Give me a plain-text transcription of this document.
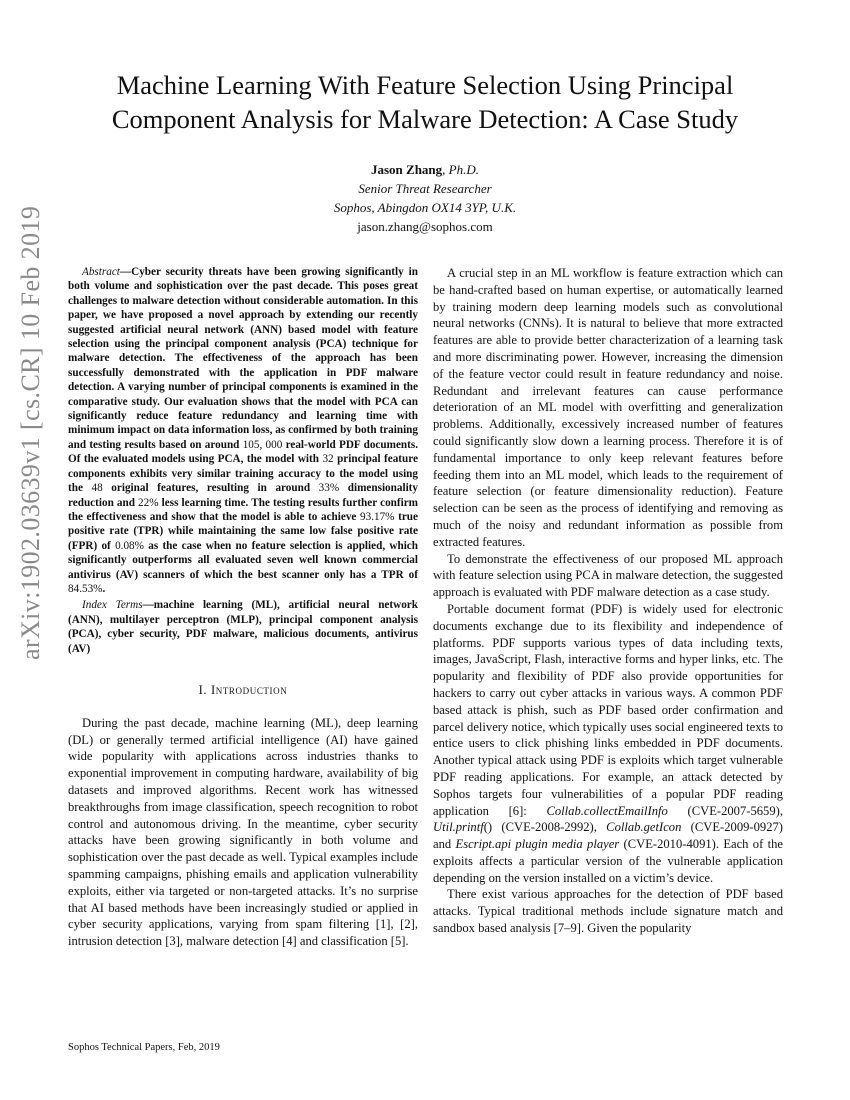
Machine Learning With Feature Selection Using Principal Component Analysis for Malware Detection: A Case Study
Jason Zhang, Ph.D.
Senior Threat Researcher
Sophos, Abingdon OX14 3YP, U.K.
jason.zhang@sophos.com
arXiv:1902.03639v1 [cs.CR] 10 Feb 2019	Abstract—Cyber security threats have been growing significantly in both volume and sophistication over the past decade. This poses great challenges to malware detection without considerable automation. In this paper, we have proposed a novel approach by extending our recently suggested artificial neural network (ANN) based model with feature selection using the principal component analysis (PCA) technique for malware detection. The effectiveness of the approach has been successfully demonstrated with the application in PDF malware detection. A varying number of principal components is examined in the comparative study. Our evaluation shows that the model with PCA can significantly reduce feature redundancy and learning time with minimum impact on data information loss, as confirmed by both training and testing results based on around 105, 000 real-world PDF documents. Of the evaluated models using PCA, the model with 32 principal feature components exhibits very similar training accuracy to the model using the 48 original features, resulting in around 33% dimensionality reduction and 22% less learning time. The testing results further confirm the effectiveness and show that the model is able to achieve 93.17% true positive rate (TPR) while maintaining the same low false positive rate (FPR) of 0.08% as the case when no feature selection is applied, which significantly outperforms all evaluated seven well known commercial antivirus (AV) scanners of which the best scanner only has a TPR of 84.53%.

Index Terms—machine learning (ML), artificial neural network (ANN), multilayer perceptron (MLP), principal component analysis (PCA), cyber security, PDF malware, malicious documents, antivirus (AV)

I. Introduction

During the past decade, machine learning (ML), deep learning (DL) or generally termed artificial intelligence (AI) have gained wide popularity with applications across industries thanks to exponential improvement in computing hardware, availability of big datasets and improved algorithms. Recent work has witnessed breakthroughs from image classification, speech recognition to robot control and autonomous driving. In the meantime, cyber security attacks have been growing significantly in both volume and sophistication over the past decade as well. Typical examples include spamming campaigns, phishing emails and application vulnerability exploits, either via targeted or non-targeted attacks. It’s no surprise that AI based methods have been increasingly studied or applied in cyber security applications, varying from spam filtering [1], [2], intrusion detection [3], malware detection [4] and classification [5].

A crucial step in an ML workflow is feature extraction which can be hand-crafted based on human expertise, or automatically learned by training modern deep learning models such as convolutional neural networks (CNNs). It is natural to believe that more extracted features are able to provide better characterization of a learning task and more discriminating power. However, increasing the dimension of the feature vector could result in feature redundancy and noise. Redundant and irrelevant features can cause performance deterioration of an ML model with overfitting and generalization problems. Additionally, excessively increased number of features could significantly slow down a learning process. Therefore it is of fundamental importance to only keep relevant features before feeding them into an ML model, which leads to the requirement of feature selection (or feature dimensionality reduction). Feature selection can be seen as the process of identifying and removing as much of the noisy and redundant information as possible from extracted features.

To demonstrate the effectiveness of our proposed ML approach with feature selection using PCA in malware detection, the suggested approach is evaluated with PDF malware detection as a case study.

Portable document format (PDF) is widely used for electronic documents exchange due to its flexibility and independence of platforms. PDF supports various types of data including texts, images, JavaScript, Flash, interactive forms and hyper links, etc. The popularity and flexibility of PDF also provide opportunities for hackers to carry out cyber attacks in various ways. A common PDF based attack is phish, such as PDF based order confirmation and parcel delivery notice, which typically uses social engineered texts to entice users to click phishing links embedded in PDF documents. Another typical attack using PDF is exploits which target vulnerable PDF reading applications. For example, an attack detected by Sophos targets four vulnerabilities of a popular PDF reading application [6]: Collab.collectEmailInfo (CVE-2007-5659), Util.printf() (CVE-2008-2992), Collab.getIcon (CVE-2009-0927) and Escript.api plugin media player (CVE-2010-4091). Each of the exploits affects a particular version of the vulnerable application depending on the version installed on a victim’s device.

There exist various approaches for the detection of PDF based attacks. Typical traditional methods include signature match and sandbox based analysis [7–9]. Given the popularity

Sophos Technical Papers, Feb, 2019
